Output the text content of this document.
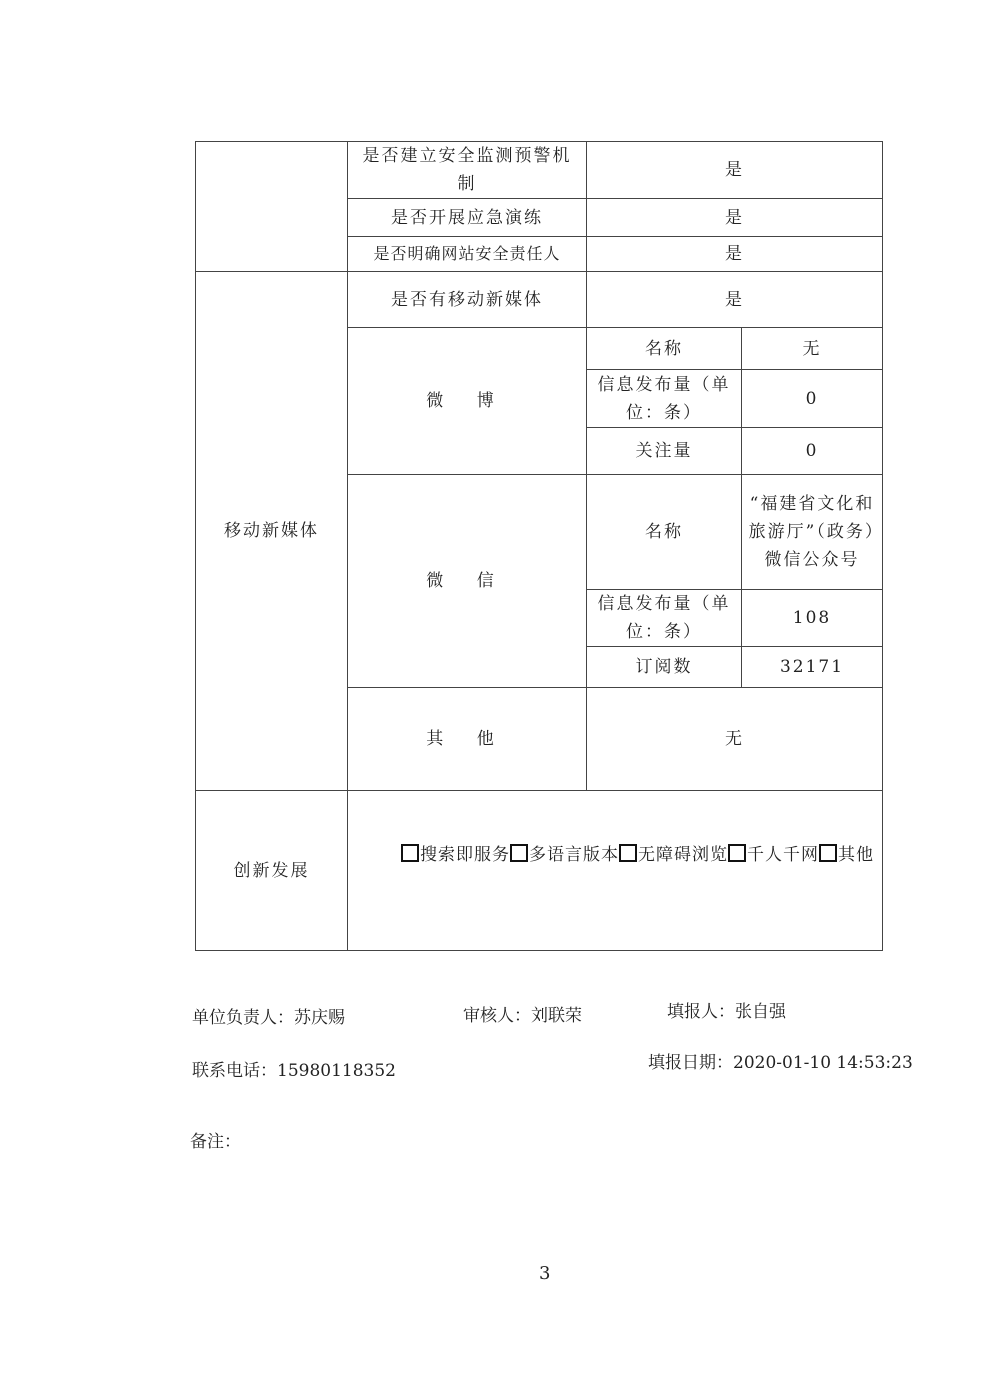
	是否建立安全监测预警机制	是	
	是否开展应急演练	是	
	是否明确网站安全责任人	是	
移动新媒体	是否有移动新媒体	是	
	微 博	名称	无
		信息发布量（单位：条）	0
		关注量	0
	微 信	名称	“福建省文化和旅游厅”（政务）微信公众号
		信息发布量（单位：条）	108
		订阅数	32171
	其 他	无	
创新发展	搜索即服务 多语言版本 无障碍浏览 千人千网 其他		
单位负责人：苏庆赐	审核人：刘联荣	填报人：张自强
联系电话：15980118352	填报日期：2020-01-10 14:53:23
备注：
3
